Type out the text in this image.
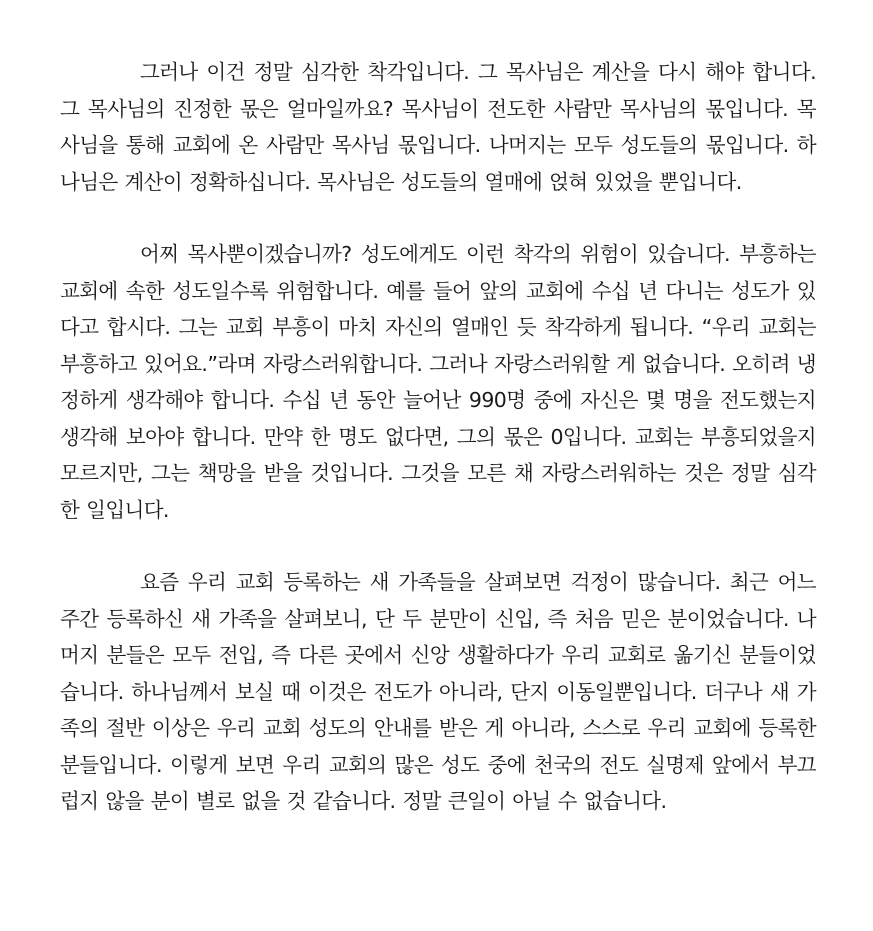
그러나 이건 정말 심각한 착각입니다. 그 목사님은 계산을 다시 해야 합니다. 그 목사님의 진정한 몫은 얼마일까요? 목사님이 전도한 사람만 목사님의 몫입니다. 목사님을 통해 교회에 온 사람만 목사님 몫입니다. 나머지는 모두 성도들의 몫입니다. 하나님은 계산이 정확하십니다. 목사님은 성도들의 열매에 얹혀 있었을 뿐입니다.

어찌 목사뿐이겠습니까? 성도에게도 이런 착각의 위험이 있습니다. 부흥하는 교회에 속한 성도일수록 위험합니다. 예를 들어 앞의 교회에 수십 년 다니는 성도가 있다고 합시다. 그는 교회 부흥이 마치 자신의 열매인 듯 착각하게 됩니다. “우리 교회는 부흥하고 있어요.”라며 자랑스러워합니다. 그러나 자랑스러워할 게 없습니다. 오히려 냉정하게 생각해야 합니다. 수십 년 동안 늘어난 990명 중에 자신은 몇 명을 전도했는지 생각해 보아야 합니다. 만약 한 명도 없다면, 그의 몫은 0입니다. 교회는 부흥되었을지 모르지만, 그는 책망을 받을 것입니다. 그것을 모른 채 자랑스러워하는 것은 정말 심각한 일입니다.

요즘 우리 교회 등록하는 새 가족들을 살펴보면 걱정이 많습니다. 최근 어느 주간 등록하신 새 가족을 살펴보니, 단 두 분만이 신입, 즉 처음 믿은 분이었습니다. 나머지 분들은 모두 전입, 즉 다른 곳에서 신앙 생활하다가 우리 교회로 옮기신 분들이었습니다. 하나님께서 보실 때 이것은 전도가 아니라, 단지 이동일뿐입니다. 더구나 새 가족의 절반 이상은 우리 교회 성도의 안내를 받은 게 아니라, 스스로 우리 교회에 등록한 분들입니다. 이렇게 보면 우리 교회의 많은 성도 중에 천국의 전도 실명제 앞에서 부끄럽지 않을 분이 별로 없을 것 같습니다. 정말 큰일이 아닐 수 없습니다.
